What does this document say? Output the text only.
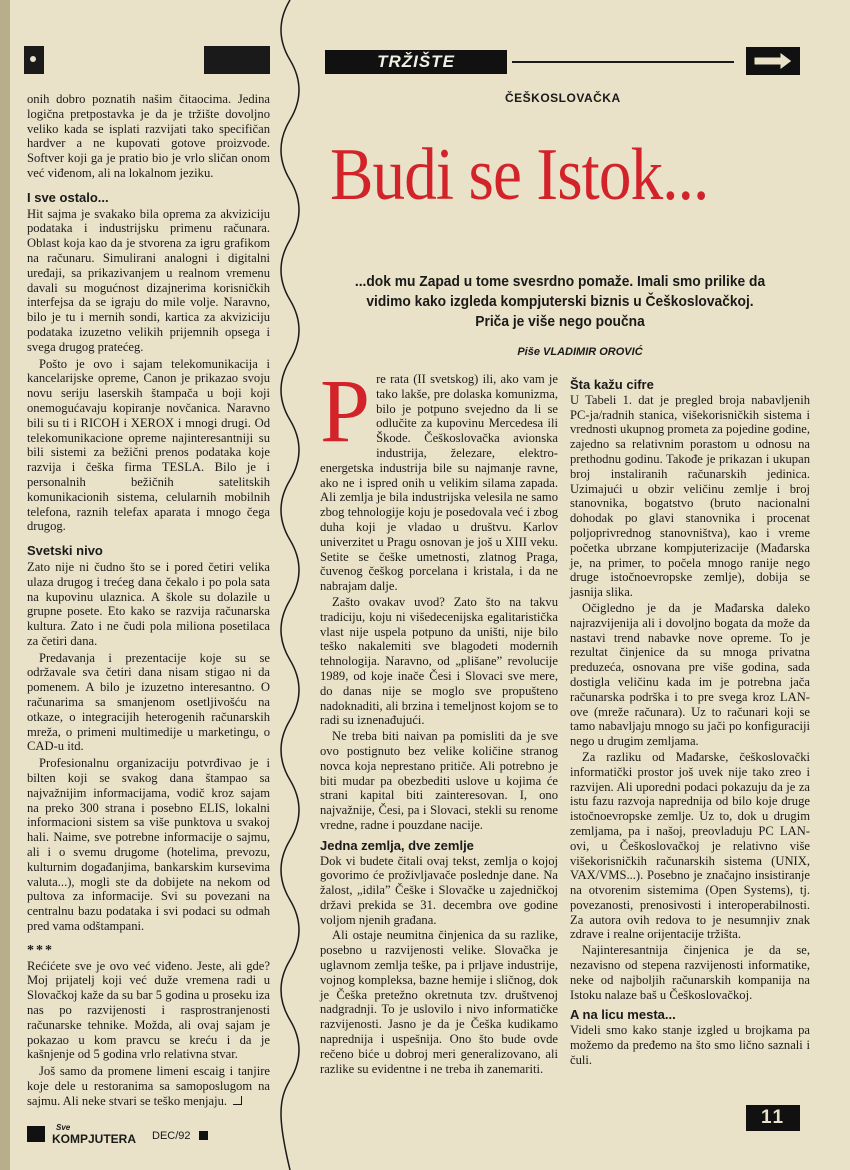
onih dobro poznatih našim čitaocima. Jedina logična pretpostavka je da je tržište dovoljno veliko kada se isplati razvijati tako specifičan hardver a ne kupovati gotove proizvode. Softver koji ga je pratio bio je vrlo sličan onom već viđenom, ali na lokalnom jeziku.

I sve ostalo...

Hit sajma je svakako bila oprema za akviziciju podataka i industrijsku primenu računara. Oblast koja kao da je stvorena za igru grafikom na računaru. Simulirani analogni i digitalni uređaji, sa prikazivanjem u realnom vremenu davali su mogućnost dizajnerima korisničkih interfejsa da se igraju do mile volje. Naravno, bilo je tu i mernih sondi, kartica za akviziciju podataka izuzetno velikih prijemnih opsega i svega drugog pratećeg.

Pošto je ovo i sajam telekomunikacija i kancelarijske opreme, Canon je prikazao svoju novu seriju laserskih štampača u boji koji onemogućavaju kopiranje novčanica. Naravno bili su ti i RICOH i XEROX i mnogi drugi. Od telekomunikacione opreme najinteresantniji su bili sistemi za bežični prenos podataka koje razvija i češka firma TESLA. Bilo je i personalnih bežičnih satelitskih komunikacionih sistema, celularnih mobilnih telefona, raznih telefax aparata i mnogo čega drugog.

Svetski nivo

Zato nije ni čudno što se i pored četiri velika ulaza drugog i trećeg dana čekalo i po pola sata na kupovinu ulaznica. A škole su dolazile u grupne posete. Eto kako se razvija računarska kultura. Zato i ne čudi pola miliona posetilaca za četiri dana.

Predavanja i prezentacije koje su se održavale sva četiri dana nisam stigao ni da pomenem. A bilo je izuzetno interesantno. O računarima sa smanjenom osetljivošću na otkaze, o integracijih heterogenih računarskih mreža, o primeni multimedije u marketingu, o CAD-u itd.

Profesionalnu organizaciju potvrđivao je i bilten koji se svakog dana štampao sa najvažnijim informacijama, vodič kroz sajam na preko 300 strana i posebno ELIS, lokalni informacioni sistem sa više punktova u svakoj hali. Naime, sve potrebne informacije o sajmu, ali i o svemu drugome (hotelima, prevozu, kulturnim događanjima, bankarskim kursevima valuta...), mogli ste da dobijete na nekom od pultova za informacije. Svi su povezani na centralnu bazu podataka i svi podaci su odmah pred vama odštampani.

***

Rećićete sve je ovo već viđeno. Jeste, ali gde? Moj prijatelj koji već duže vremena radi u Slovačkoj kaže da su bar 5 godina u proseku iza nas po razvijenosti i rasprostranjenosti računarske tehnike. Možda, ali ovaj sajam je pokazao u kom pravcu se kreću i da je kašnjenje od 5 godina vrlo relativna stvar.

Još samo da promene limeni escaig i tanjire koje dele u restoranima sa samoposlugom na sajmu. Ali neke stvari se teško menjaju.

TRŽIŠTE
ČEŠKOSLOVAČKA
Budi se Istok...
...dok mu Zapad u tome svesrdno pomaže. Imali smo prilike da vidimo kako izgleda kompjuterski biznis u Češkoslovačkoj. Priča je više nego poučna
Piše VLADIMIR OROVIĆ

Pre rata (II svetskog) ili, ako vam je tako lakše, pre dolaska komunizma, bilo je potpuno svejedno da li se odlučite za kupovinu Mercedesa ili Škode. Češkoslovačka avionska industrija, železare, elektro-energetska industrija bile su najmanje ravne, ako ne i ispred onih u velikim silama zapada. Ali zemlja je bila industrijska velesila ne samo zbog tehnologije koju je posedovala već i zbog duha koji je vladao u društvu. Karlov univerzitet u Pragu osnovan je još u XIII veku. Setite se češke umetnosti, zlatnog Praga, čuvenog češkog porcelana i kristala, i da ne nabrajam dalje.

Zašto ovakav uvod? Zato što na takvu tradiciju, koju ni višedecenijska egalitaristička vlast nije uspela potpuno da uništi, nije bilo teško nakalemiti sve blagodeti modernih tehnologija. Naravno, od „plišane” revolucije 1989, od koje inače Česi i Slovaci sve mere, do danas nije se moglo sve propušteno nadoknaditi, ali brzina i temeljnost kojom se to radi su iznenađujući.

Ne treba biti naivan pa pomisliti da je sve ovo postignuto bez velike količine stranog novca koja neprestano pritiče. Ali potrebno je biti mudar pa obezbediti uslove u kojima će strani kapital biti zainteresovan. I, ono najvažnije, Česi, pa i Slovaci, stekli su renome vredne, radne i pouzdane nacije.

Jedna zemlja, dve zemlje

Dok vi budete čitali ovaj tekst, zemlja o kojoj govorimo će proživljavače poslednje dane. Na žalost, „idila” Češke i Slovačke u zajedničkoj državi prekida se 31. decembra ove godine voljom njenih građana.

Ali ostaje neumitna činjenica da su razlike, posebno u razvijenosti velike. Slovačka je uglavnom zemlja teške, pa i prljave industrije, vojnog kompleksa, bazne hemije i sličnog, dok je Češka pretežno okretnuta tzv. društvenoj nadgradnji. To je uslovilo i nivo informatičke razvijenosti. Jasno je da je Češka kudikamo naprednija i uspešnija. Ono što bude ovde rečeno biće u dobroj meri generalizovano, ali razlike su evidentne i ne treba ih zanemariti.

Šta kažu cifre

U Tabeli 1. dat je pregled broja nabavljenih PC-ja/radnih stanica, višekorisničkih sistema i vrednosti ukupnog prometa za pojedine godine, zajedno sa relativnim porastom u odnosu na prethodnu godinu. Takođe je prikazan i ukupan broj instaliranih računarskih jedinica. Uzimajući u obzir veličinu zemlje i broj stanovnika, bogatstvo (bruto nacionalni dohodak po glavi stanovnika i procenat poljoprivrednog stanovništva), kao i vreme početka ubrzane kompjuterizacije (Mađarska je, na primer, to počela mnogo ranije nego druge istočnoevropske zemlje), dobija se jasnija slika.

Očigledno je da je Mađarska daleko najrazvijenija ali i dovoljno bogata da može da nastavi trend nabavke nove opreme. To je rezultat činjenice da su mnoga privatna preduzeća, osnovana pre više godina, sada dostigla veličinu kada im je potrebna jača računarska podrška i to pre svega kroz LAN-ove (mreže računara). Uz to računari koji se tamo nabavljaju mnogo su jači po konfiguraciji nego u drugim zemljama.

Za razliku od Mađarske, češkoslovački informatički prostor još uvek nije tako zreo i razvijen. Ali uporedni podaci pokazuju da je za istu fazu razvoja naprednija od bilo koje druge istočnoevropske zemlje. Uz to, dok u drugim zemljama, pa i našoj, preovladuju PC LAN-ovi, u Češkoslovačkoj je relativno više višekorisničkih računarskih sistema (UNIX, VAX/VMS...). Posebno je značajno insistiranje na otvorenim sistemima (Open Systems), tj. povezanosti, prenosivosti i interoperabilnosti. Za autora ovih redova to je nesumnjiv znak zdrave i realne orijentacije tržišta.

Najinteresantnija činjenica je da se, nezavisno od stepena razvijenosti informatike, neke od najboljih računarskih kompanija na Istoku nalaze baš u Češkoslovačkoj.

A na licu mesta...

Videli smo kako stanje izgled u brojkama pa možemo da pređemo na što smo lično saznali i čuli.

Sve
KOMPJUTERA DEC/92
11
